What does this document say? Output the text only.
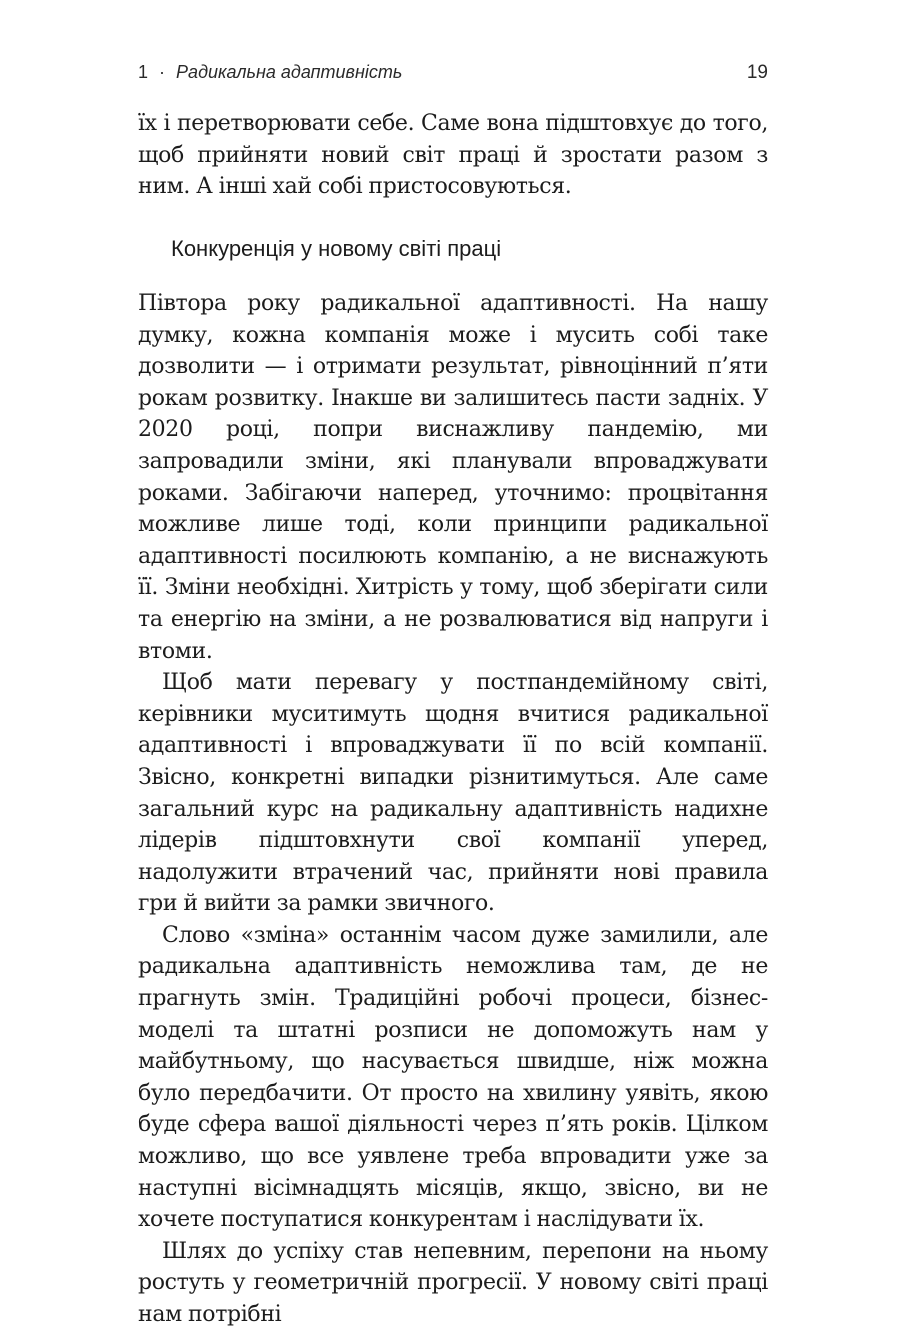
1 · Радикальна адаптивність	19

їх і перетворювати себе. Саме вона підштовхує до того, щоб прийняти новий світ праці й зростати разом з ним. А інші хай собі пристосовуються.

Конкуренція у новому світі праці

Півтора року радикальної адаптивності. На нашу думку, кожна компанія може і мусить собі таке дозволити — і отримати результат, рівноцінний п’яти рокам розвитку. Інакше ви залишитесь пасти задніх. У 2020 році, попри виснажливу пандемію, ми запровадили зміни, які планували впроваджувати роками. Забігаючи наперед, уточнимо: процвітання можливе лише тоді, коли принципи радикальної адаптивності посилюють компанію, а не виснажують її. Зміни необхідні. Хитрість у тому, щоб зберігати сили та енергію на зміни, а не розвалюватися від напруги і втоми.

Щоб мати перевагу у постпандемійному світі, керівники муситимуть щодня вчитися радикальної адаптивності і впроваджувати її по всій компанії. Звісно, конкретні випадки різнитимуться. Але саме загальний курс на радикальну адаптивність надихне лідерів підштовхнути свої компанії уперед, надолужити втрачений час, прийняти нові правила гри й вийти за рамки звичного.

Слово «зміна» останнім часом дуже замилили, але радикальна адаптивність неможлива там, де не прагнуть змін. Традиційні робочі процеси, бізнес-моделі та штатні розписи не допоможуть нам у майбутньому, що насувається швидше, ніж можна було передбачити. От просто на хвилину уявіть, якою буде сфера вашої діяльності через п’ять років. Цілком можливо, що все уявлене треба впровадити уже за наступні вісімнадцять місяців, якщо, звісно, ви не хочете поступатися конкурентам і наслідувати їх.

Шлях до успіху став непевним, перепони на ньому ростуть у геометричній прогресії. У новому світі праці нам потрібні
